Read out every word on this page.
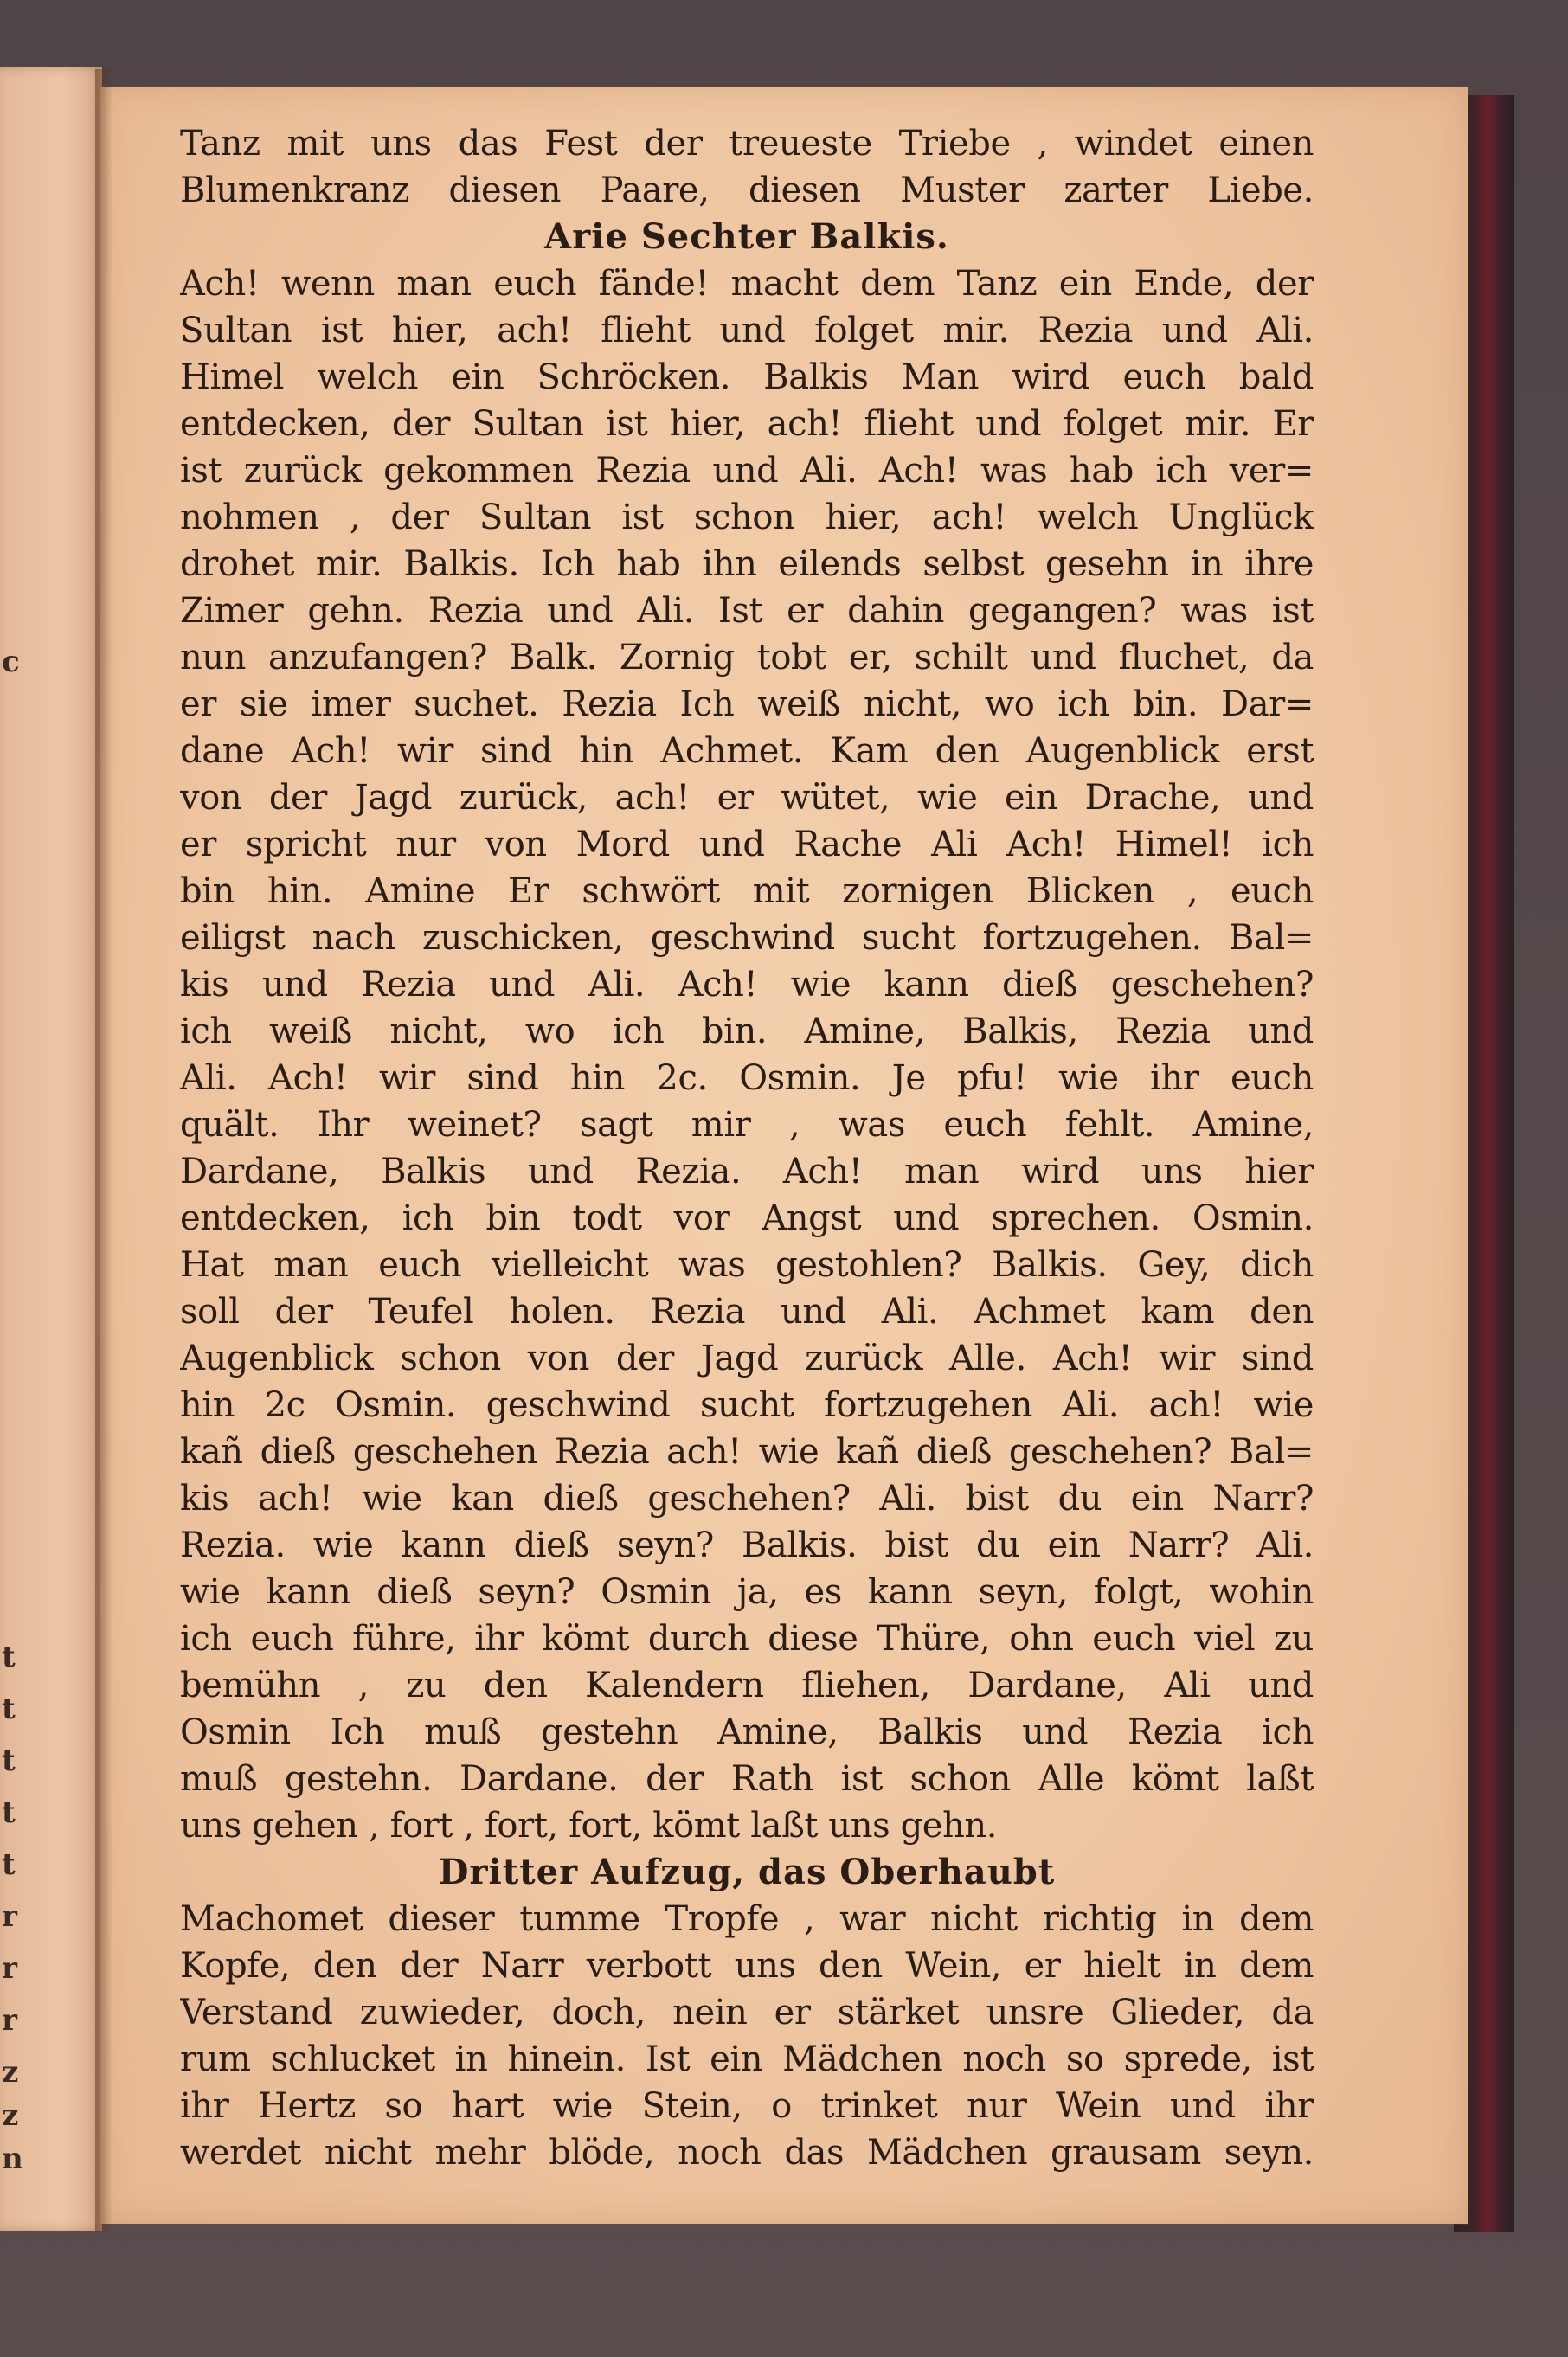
c
t
t
t
t
t
r
r
r
z
z
n
Tanz mit uns das Fest der treueste Triebe , windet einen
Blumenkranz diesen Paare, diesen Muster zarter Liebe.
Arie Sechter Balkis.
Ach! wenn man euch fände! macht dem Tanz ein Ende, der
Sultan ist hier, ach! flieht und folget mir. Rezia und Ali.
Himel welch ein Schröcken. Balkis Man wird euch bald
entdecken, der Sultan ist hier, ach! flieht und folget mir. Er
ist zurück gekommen Rezia und Ali. Ach! was hab ich ver=
nohmen , der Sultan ist schon hier, ach! welch Unglück
drohet mir. Balkis. Ich hab ihn eilends selbst gesehn in ihre
Zimer gehn. Rezia und Ali. Ist er dahin gegangen? was ist
nun anzufangen? Balk. Zornig tobt er, schilt und fluchet, da
er sie imer suchet. Rezia Ich weiß nicht, wo ich bin. Dar=
dane Ach! wir sind hin Achmet. Kam den Augenblick erst
von der Jagd zurück, ach! er wütet, wie ein Drache, und
er spricht nur von Mord und Rache Ali Ach! Himel! ich
bin hin. Amine Er schwört mit zornigen Blicken , euch
eiligst nach zuschicken, geschwind sucht fortzugehen. Bal=
kis und Rezia und Ali. Ach! wie kann dieß geschehen?
ich weiß nicht, wo ich bin. Amine, Balkis, Rezia und
Ali. Ach! wir sind hin 2c. Osmin. Je pfu! wie ihr euch
quält. Ihr weinet? sagt mir , was euch fehlt. Amine,
Dardane, Balkis und Rezia. Ach! man wird uns hier
entdecken, ich bin todt vor Angst und sprechen. Osmin.
Hat man euch vielleicht was gestohlen? Balkis. Gey, dich
soll der Teufel holen. Rezia und Ali. Achmet kam den
Augenblick schon von der Jagd zurück Alle. Ach! wir sind
hin 2c Osmin. geschwind sucht fortzugehen Ali. ach! wie
kañ dieß geschehen Rezia ach! wie kañ dieß geschehen? Bal=
kis ach! wie kan dieß geschehen? Ali. bist du ein Narr?
Rezia. wie kann dieß seyn? Balkis. bist du ein Narr? Ali.
wie kann dieß seyn? Osmin ja, es kann seyn, folgt, wohin
ich euch führe, ihr kömt durch diese Thüre, ohn euch viel zu
bemühn , zu den Kalendern fliehen, Dardane, Ali und
Osmin Ich muß gestehn Amine, Balkis und Rezia ich
muß gestehn. Dardane. der Rath ist schon Alle kömt laßt
uns gehen , fort , fort, fort, kömt laßt uns gehn.
Dritter Aufzug, das Oberhaubt
Machomet dieser tumme Tropfe , war nicht richtig in dem
Kopfe, den der Narr verbott uns den Wein, er hielt in dem
Verstand zuwieder, doch, nein er stärket unsre Glieder, da
rum schlucket in hinein. Ist ein Mädchen noch so sprede, ist
ihr Hertz so hart wie Stein, o trinket nur Wein und ihr
werdet nicht mehr blöde, noch das Mädchen grausam seyn.
